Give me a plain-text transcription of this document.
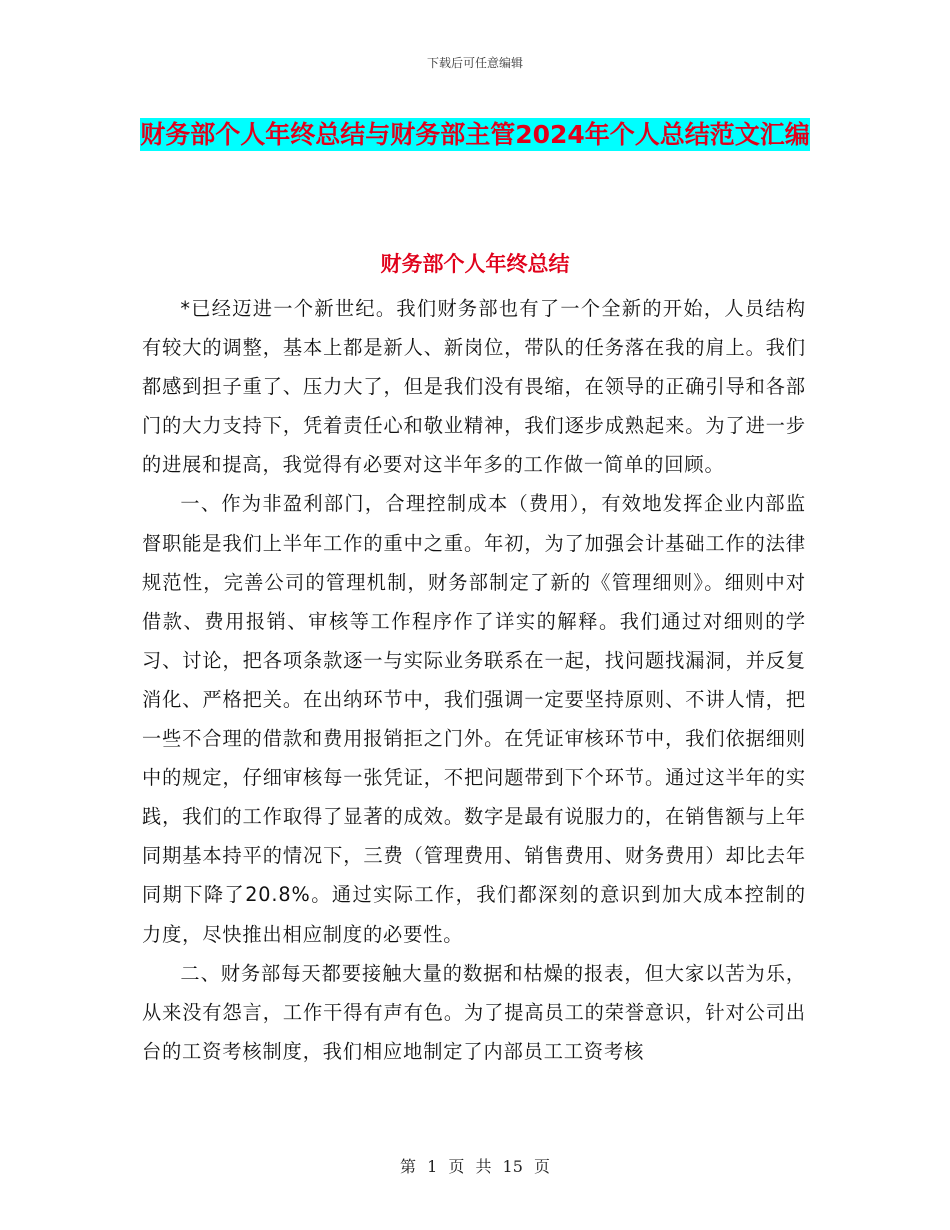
下载后可任意编辑
财务部个人年终总结与财务部主管2024年个人总结范文汇编
财务部个人年终总结

*已经迈进一个新世纪。我们财务部也有了一个全新的开始，人员结构有较大的调整，基本上都是新人、新岗位，带队的任务落在我的肩上。我们都感到担子重了、压力大了，但是我们没有畏缩，在领导的正确引导和各部门的大力支持下，凭着责任心和敬业精神，我们逐步成熟起来。为了进一步的进展和提高，我觉得有必要对这半年多的工作做一简单的回顾。

一、作为非盈利部门，合理控制成本（费用），有效地发挥企业内部监督职能是我们上半年工作的重中之重。年初，为了加强会计基础工作的法律规范性，完善公司的管理机制，财务部制定了新的《管理细则》。细则中对借款、费用报销、审核等工作程序作了详实的解释。我们通过对细则的学习、讨论，把各项条款逐一与实际业务联系在一起，找问题找漏洞，并反复消化、严格把关。在出纳环节中，我们强调一定要坚持原则、不讲人情，把一些不合理的借款和费用报销拒之门外。在凭证审核环节中，我们依据细则中的规定，仔细审核每一张凭证，不把问题带到下个环节。通过这半年的实践，我们的工作取得了显著的成效。数字是最有说服力的，在销售额与上年同期基本持平的情况下，三费（管理费用、销售费用、财务费用）却比去年同期下降了20.8%。通过实际工作，我们都深刻的意识到加大成本控制的力度，尽快推出相应制度的必要性。

二、财务部每天都要接触大量的数据和枯燥的报表，但大家以苦为乐，从来没有怨言，工作干得有声有色。为了提高员工的荣誉意识，针对公司出台的工资考核制度，我们相应地制定了内部员工工资考核

第 1 页 共 15 页
